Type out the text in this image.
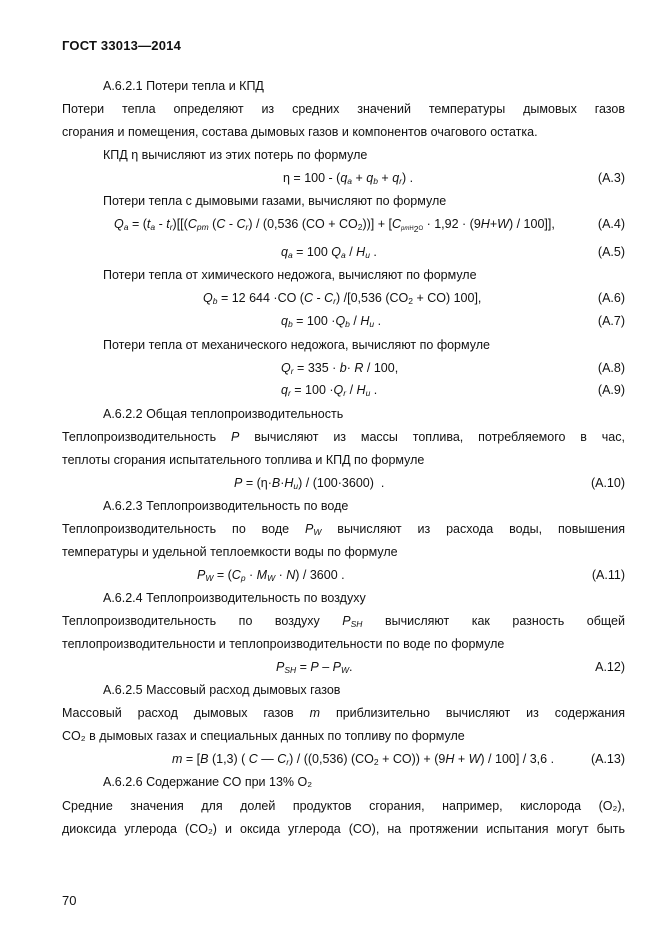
ГОСТ 33013—2014
А.6.2.1 Потери тепла и КПД
Потери тепла определяют из средних значений температуры дымовых газов
сгорания и помещения, состава дымовых газов и компонентов очагового остатка.
КПД η вычисляют из этих потерь по формуле
$\eta = 100 - (q_a + q_b + q_r)$ .	(А.3)
Потери тепла с дымовыми газами, вычисляют по формуле
$Q_a = (t_a - t_r)[[(C_{pm}$ $(C - C_r) / (0,536$ $(CO + CO_2)$)] + [CpmH$_2$O · 1,92 · (9H+W) / 100]],	(А.4)
$q_a = 100$ $Q_a / H_u$ .	(А.5)
Потери тепла от химического недожога, вычисляют по формуле
$Q_b = 12$ 644 ·CO $(C - C_r)$ /[0,536 $(CO_2 + CO)$ 100],	(А.6)
$q_b = 100 \cdot Q_b / H_u$ .	(А.7)
Потери тепла от механического недожога, вычисляют по формуле
$Q_r = 335 \cdot b\cdot R / 100$,	(А.8)
$q_r = 100 \cdot Q_r / H_u$ .	(А.9)
А.6.2.2 Общая теплопроизводительность
Теплопроизводительность P вычисляют из массы топлива, потребляемого в час,
теплоты сгорания испытательного топлива и КПД по формуле
$P = (\eta\cdot B\cdot H_u) / (100\cdot 3600)$  .	(А.10)
А.6.2.3 Теплопроизводительность по воде
Теплопроизводительность по воде $P_W$ вычисляют из расхода воды, повышения
температуры и удельной теплоемкости воды по формуле
$P_W = (C_p \cdot M_W \cdot N) / 3600$ .	(А.11)
А.6.2.4 Теплопроизводительность по воздуху
Теплопроизводительность по воздуху $P_{SH}$ вычисляют как разность общей
теплопроизводительности и теплопроизводительности по воде по формуле
$P_{SH} = P - P_W$.	А.12)
А.6.2.5 Массовый расход дымовых газов
Массовый расход дымовых газов m приблизительно вычисляют из содержания
CO₂ в дымовых газах и специальных данных по топливу по формуле
m = [B (1,3) ( C — $C_r) / ((0,536) (CO_2 + CO)) + (9H + W) / 100] / 3,6$ .	(А.13)
А.6.2.6 Содержание CO при 13% O₂
Средние значения для долей продуктов сгорания, например, кислорода (O₂),
диоксида углерода (CO₂) и оксида углерода (CO), на протяжении испытания могут быть
70
